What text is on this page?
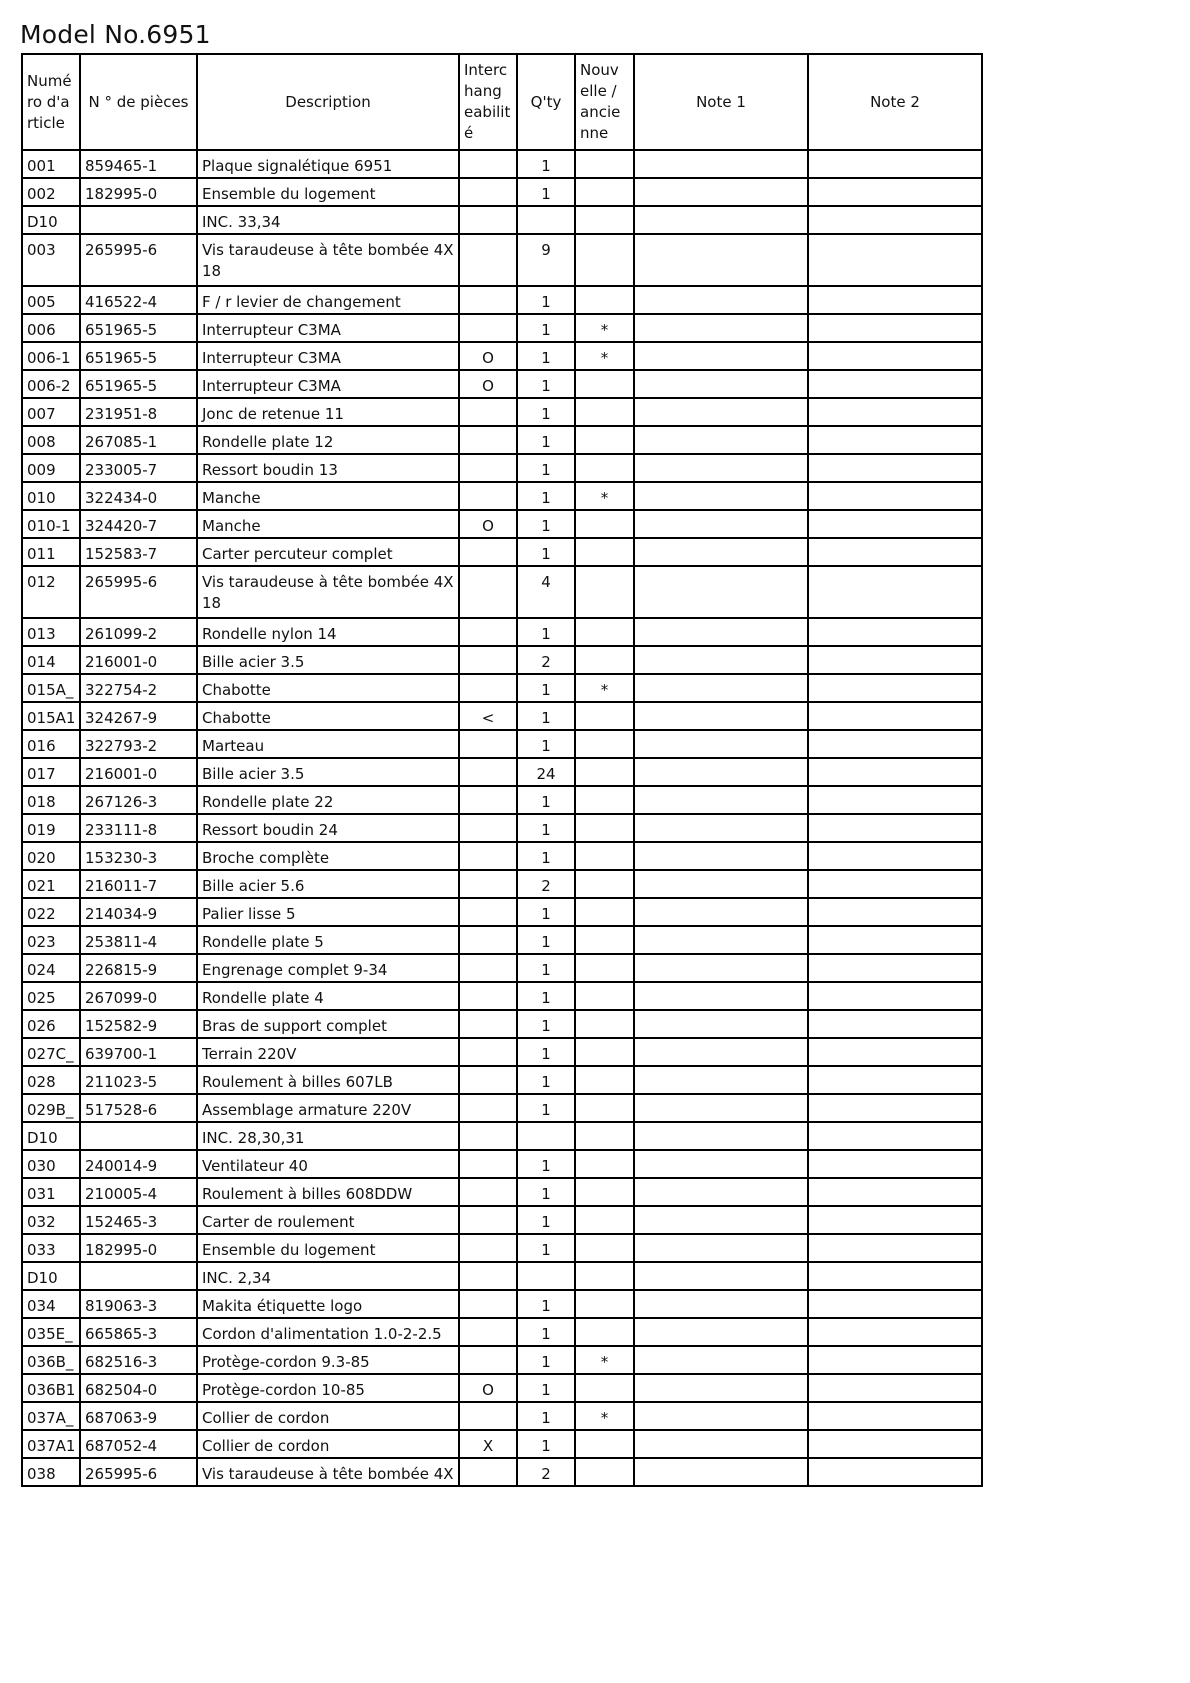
Model No.6951
Numé
ro d'a
rticle	N ° de pièces	Description	Interc
hang
eabilit
é	Q'ty	Nouv
elle /
ancie
nne	Note 1	Note 2
001	859465-1	Plaque signalétique 6951		1			
002	182995-0	Ensemble du logement		1			
D10		INC. 33,34					
003	265995-6	Vis taraudeuse à tête bombée 4X 18		9			
005	416522-4	F / r levier de changement		1			
006	651965-5	Interrupteur C3MA		1	*		
006-1	651965-5	Interrupteur C3MA	O	1	*		
006-2	651965-5	Interrupteur C3MA	O	1			
007	231951-8	Jonc de retenue 11		1			
008	267085-1	Rondelle plate 12		1			
009	233005-7	Ressort boudin 13		1			
010	322434-0	Manche		1	*		
010-1	324420-7	Manche	O	1			
011	152583-7	Carter percuteur complet		1			
012	265995-6	Vis taraudeuse à tête bombée 4X 18		4			
013	261099-2	Rondelle nylon 14		1			
014	216001-0	Bille acier 3.5		2			
015A_	322754-2	Chabotte		1	*		
015A1	324267-9	Chabotte	<	1			
016	322793-2	Marteau		1			
017	216001-0	Bille acier 3.5		24			
018	267126-3	Rondelle plate 22		1			
019	233111-8	Ressort boudin 24		1			
020	153230-3	Broche complète		1			
021	216011-7	Bille acier 5.6		2			
022	214034-9	Palier lisse 5		1			
023	253811-4	Rondelle plate 5		1			
024	226815-9	Engrenage complet 9-34		1			
025	267099-0	Rondelle plate 4		1			
026	152582-9	Bras de support complet		1			
027C_	639700-1	Terrain 220V		1			
028	211023-5	Roulement à billes 607LB		1			
029B_	517528-6	Assemblage armature 220V		1			
D10		INC. 28,30,31					
030	240014-9	Ventilateur 40		1			
031	210005-4	Roulement à billes 608DDW		1			
032	152465-3	Carter de roulement		1			
033	182995-0	Ensemble du logement		1			
D10		INC. 2,34					
034	819063-3	Makita étiquette logo		1			
035E_	665865-3	Cordon d'alimentation 1.0-2-2.5		1			
036B_	682516-3	Protège-cordon 9.3-85		1	*		
036B1	682504-0	Protège-cordon 10-85	O	1			
037A_	687063-9	Collier de cordon		1	*		
037A1	687052-4	Collier de cordon	X	1			
038	265995-6	Vis taraudeuse à tête bombée 4X		2			
